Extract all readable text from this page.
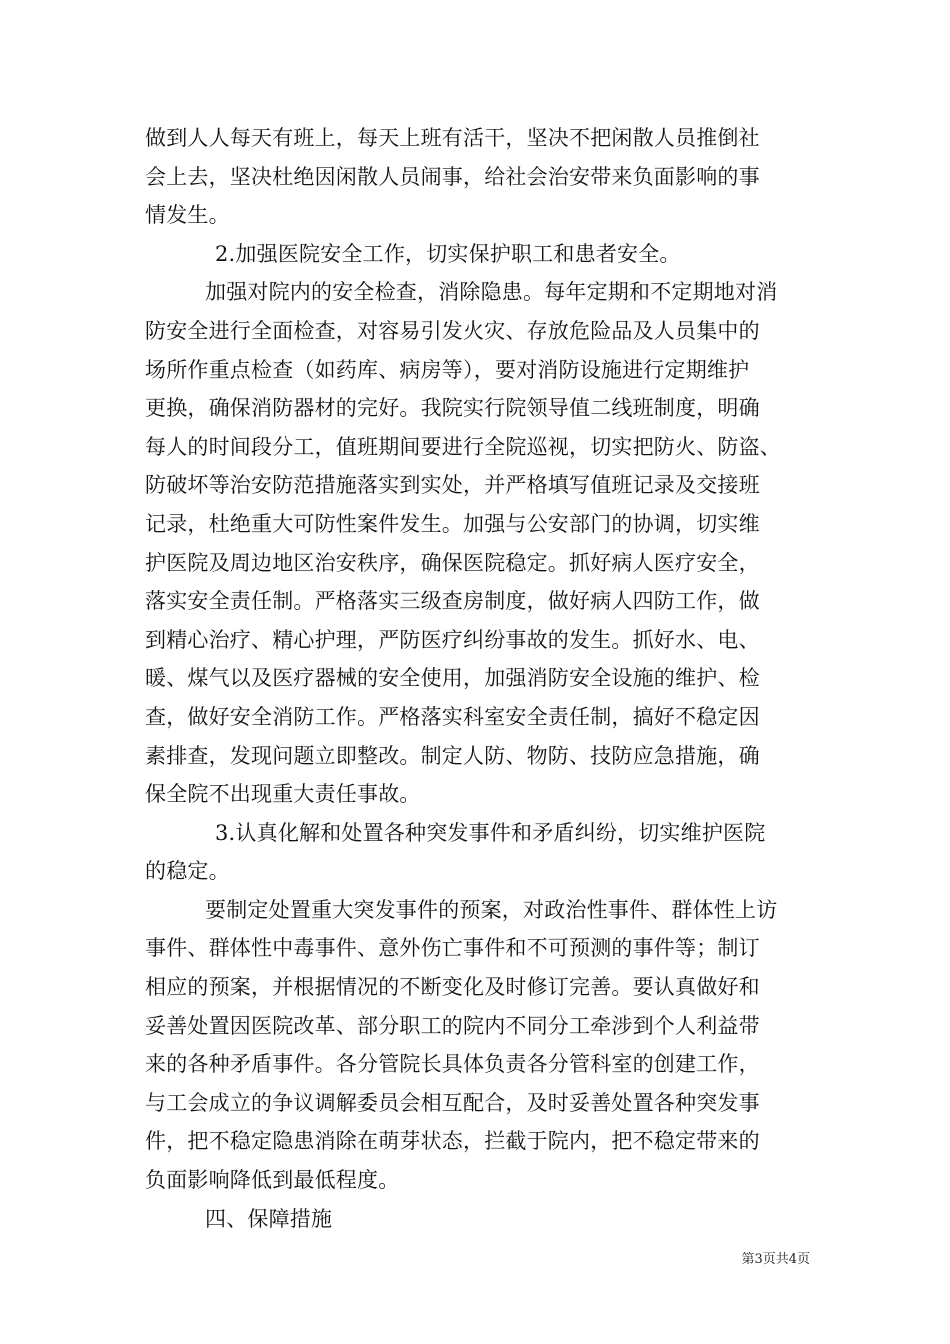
做到人人每天有班上，每天上班有活干，坚决不把闲散人员推倒社
会上去，坚决杜绝因闲散人员闹事，给社会治安带来负面影响的事
情发生。
2.加强医院安全工作，切实保护职工和患者安全。
加强对院内的安全检查，消除隐患。每年定期和不定期地对消
防安全进行全面检查，对容易引发火灾、存放危险品及人员集中的
场所作重点检查（如药库、病房等），要对消防设施进行定期维护
更换，确保消防器材的完好。我院实行院领导值二线班制度，明确
每人的时间段分工，值班期间要进行全院巡视，切实把防火、防盗、
防破坏等治安防范措施落实到实处，并严格填写值班记录及交接班
记录，杜绝重大可防性案件发生。加强与公安部门的协调，切实维
护医院及周边地区治安秩序，确保医院稳定。抓好病人医疗安全，
落实安全责任制。严格落实三级查房制度，做好病人四防工作，做
到精心治疗、精心护理，严防医疗纠纷事故的发生。抓好水、电、
暖、煤气以及医疗器械的安全使用，加强消防安全设施的维护、检
查，做好安全消防工作。严格落实科室安全责任制，搞好不稳定因
素排查，发现问题立即整改。制定人防、物防、技防应急措施，确
保全院不出现重大责任事故。
3.认真化解和处置各种突发事件和矛盾纠纷，切实维护医院
的稳定。
要制定处置重大突发事件的预案，对政治性事件、群体性上访
事件、群体性中毒事件、意外伤亡事件和不可预测的事件等；制订
相应的预案，并根据情况的不断变化及时修订完善。要认真做好和
妥善处置因医院改革、部分职工的院内不同分工牵涉到个人利益带
来的各种矛盾事件。各分管院长具体负责各分管科室的创建工作，
与工会成立的争议调解委员会相互配合，及时妥善处置各种突发事
件，把不稳定隐患消除在萌芽状态，拦截于院内，把不稳定带来的
负面影响降低到最低程度。
四、保障措施
第3页共4页
